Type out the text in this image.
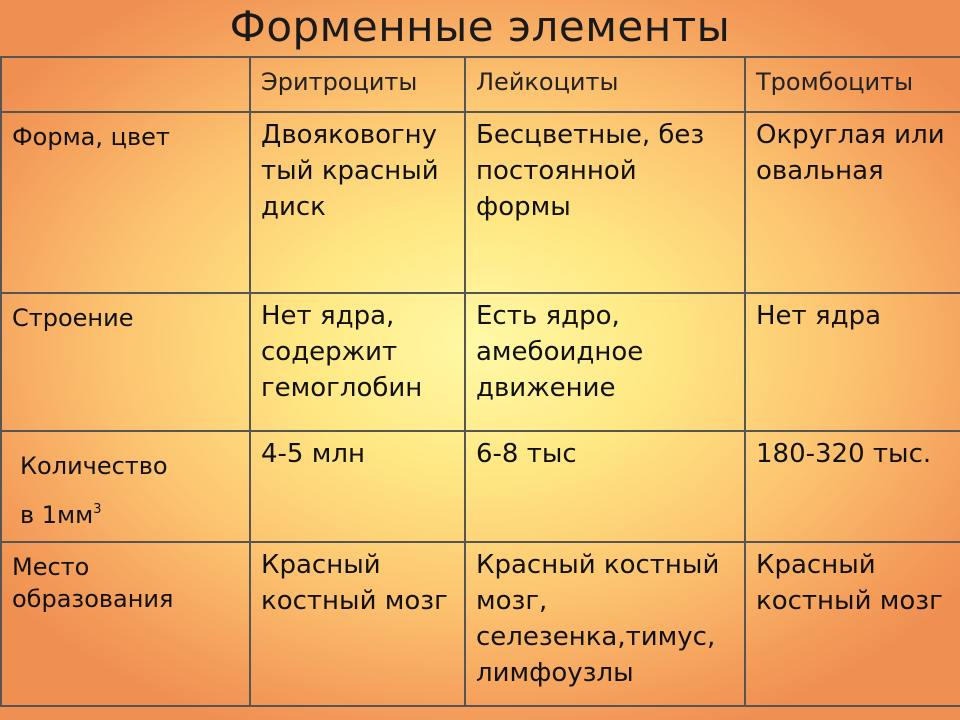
Форменные элементы
	Эритроциты	Лейкоциты	Тромбоциты
Форма, цвет	Двояковогну тый красный диск	Бесцветные, без постоянной формы	Округлая или овальная
Строение	Нет ядра, содержит гемоглобин	Есть ядро, амебоидное движение	Нет ядра

Количество
в $1мм^3$	4-5 млн	6-8 тыс	180-320 тыс.
Место образования	Красный костный мозг	Красный костный мозг, селезенка,тимус, лимфоузлы	Красный костный мозг
